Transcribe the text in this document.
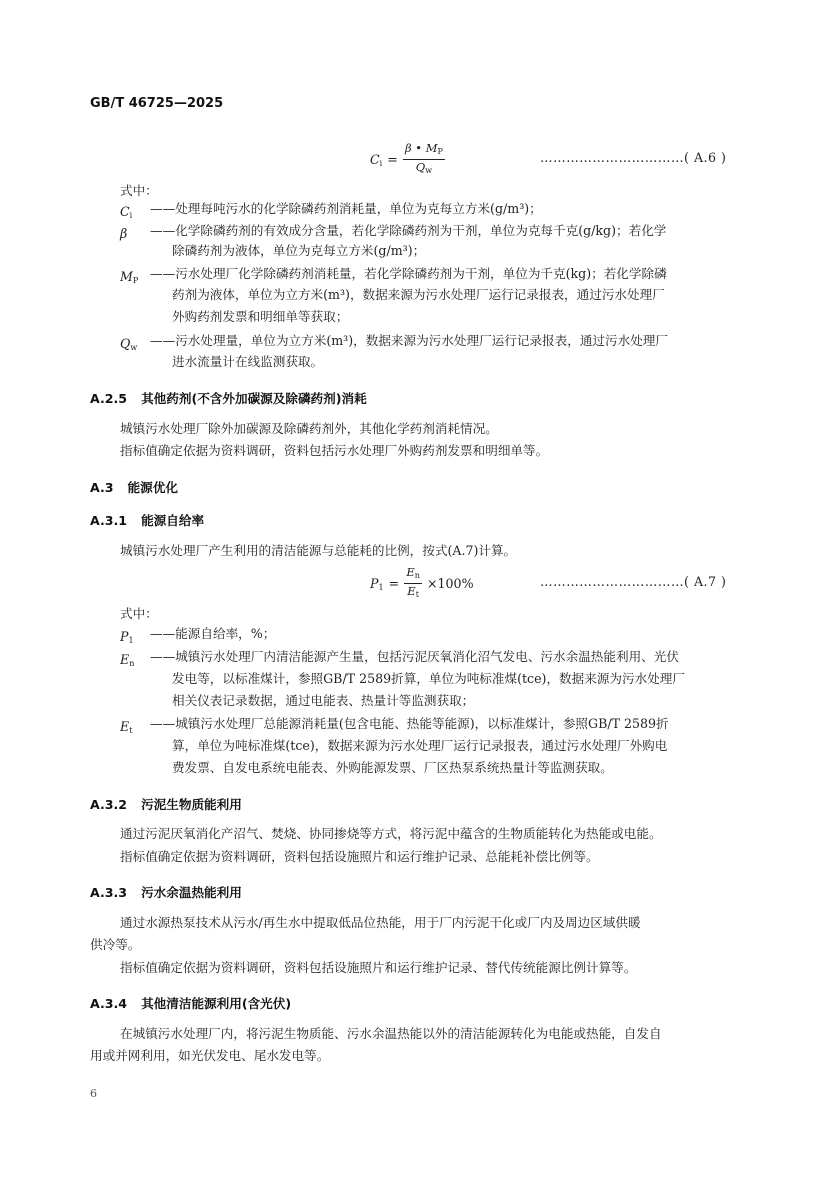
GB/T 46725—2025
$C_i = \frac{\beta • M_P}{Q_w}$	……………………………( A.6 )
式中：
$C_i$ ——处理每吨污水的化学除磷药剂消耗量，单位为克每立方米(g/m³)；
β ——化学除磷药剂的有效成分含量，若化学除磷药剂为干剂，单位为克每千克(g/kg)；若化学
除磷药剂为液体，单位为克每立方米(g/m³)；
$M_P$ ——污水处理厂化学除磷药剂消耗量，若化学除磷药剂为干剂，单位为千克(kg)；若化学除磷
药剂为液体，单位为立方米(m³)，数据来源为污水处理厂运行记录报表，通过污水处理厂
外购药剂发票和明细单等获取；
$Q_w$ ——污水处理量，单位为立方米(m³)，数据来源为污水处理厂运行记录报表，通过污水处理厂
进水流量计在线监测获取。
A.2.5 其他药剂(不含外加碳源及除磷药剂)消耗
城镇污水处理厂除外加碳源及除磷药剂外，其他化学药剂消耗情况。
指标值确定依据为资料调研，资料包括污水处理厂外购药剂发票和明细单等。
A.3 能源优化
A.3.1 能源自给率
城镇污水处理厂产生利用的清洁能源与总能耗的比例，按式(A.7)计算。
$P_1 = \frac{E_n}{E_t} \times 100\%$	……………………………( A.7 )
式中：
$P_1$ ——能源自给率，%；
$E_n$ ——城镇污水处理厂内清洁能源产生量，包括污泥厌氧消化沼气发电、污水余温热能利用、光伏
发电等，以标准煤计，参照GB/T 2589折算，单位为吨标准煤(tce)，数据来源为污水处理厂
相关仪表记录数据，通过电能表、热量计等监测获取；
$E_t$ ——城镇污水处理厂总能源消耗量(包含电能、热能等能源)，以标准煤计，参照GB/T 2589折
算，单位为吨标准煤(tce)，数据来源为污水处理厂运行记录报表，通过污水处理厂外购电
费发票、自发电系统电能表、外购能源发票、厂区热泵系统热量计等监测获取。
A.3.2 污泥生物质能利用
通过污泥厌氧消化产沼气、焚烧、协同掺烧等方式，将污泥中蕴含的生物质能转化为热能或电能。
指标值确定依据为资料调研，资料包括设施照片和运行维护记录、总能耗补偿比例等。
A.3.3 污水余温热能利用
通过水源热泵技术从污水/再生水中提取低品位热能，用于厂内污泥干化或厂内及周边区域供暖
供冷等。
指标值确定依据为资料调研，资料包括设施照片和运行维护记录、替代传统能源比例计算等。
A.3.4 其他清洁能源利用(含光伏)
在城镇污水处理厂内，将污泥生物质能、污水余温热能以外的清洁能源转化为电能或热能，自发自
用或并网利用，如光伏发电、尾水发电等。
6
